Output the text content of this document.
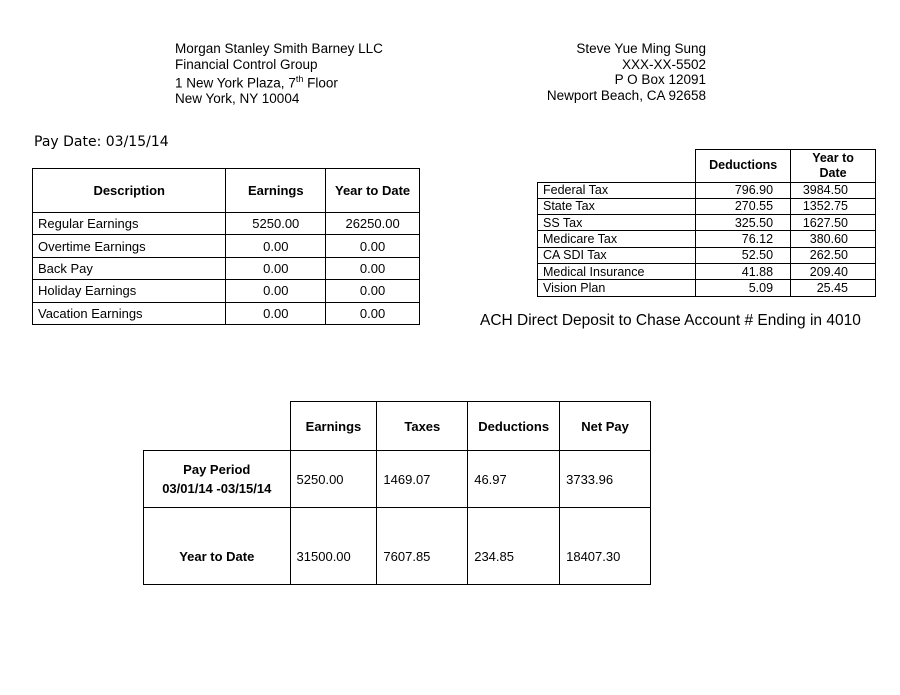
Morgan Stanley Smith Barney LLC
Financial Control Group
1 New York Plaza, 7th Floor
New York, NY 10004
Steve Yue Ming Sung
XXX-XX-5502
P O Box 12091
Newport Beach, CA 92658
Pay Date: 03/15/14
Description	Earnings	Year to Date
Regular Earnings	5250.00	26250.00
Overtime Earnings	0.00	0.00
Back Pay	0.00	0.00
Holiday Earnings	0.00	0.00
Vacation Earnings	0.00	0.00
	Deductions	Year to Date
Federal Tax	796.90	3984.50
State Tax	270.55	1352.75
SS Tax	325.50	1627.50
Medicare Tax	76.12	380.60
CA SDI Tax	52.50	262.50
Medical Insurance	41.88	209.40
Vision Plan	5.09	25.45
ACH Direct Deposit to Chase Account # Ending in 4010
	Earnings	Taxes	Deductions	Net Pay

Pay Period
03/01/14 -03/15/14	5250.00	1469.07	46.97	3733.96
Year to Date	31500.00	7607.85	234.85	18407.30
